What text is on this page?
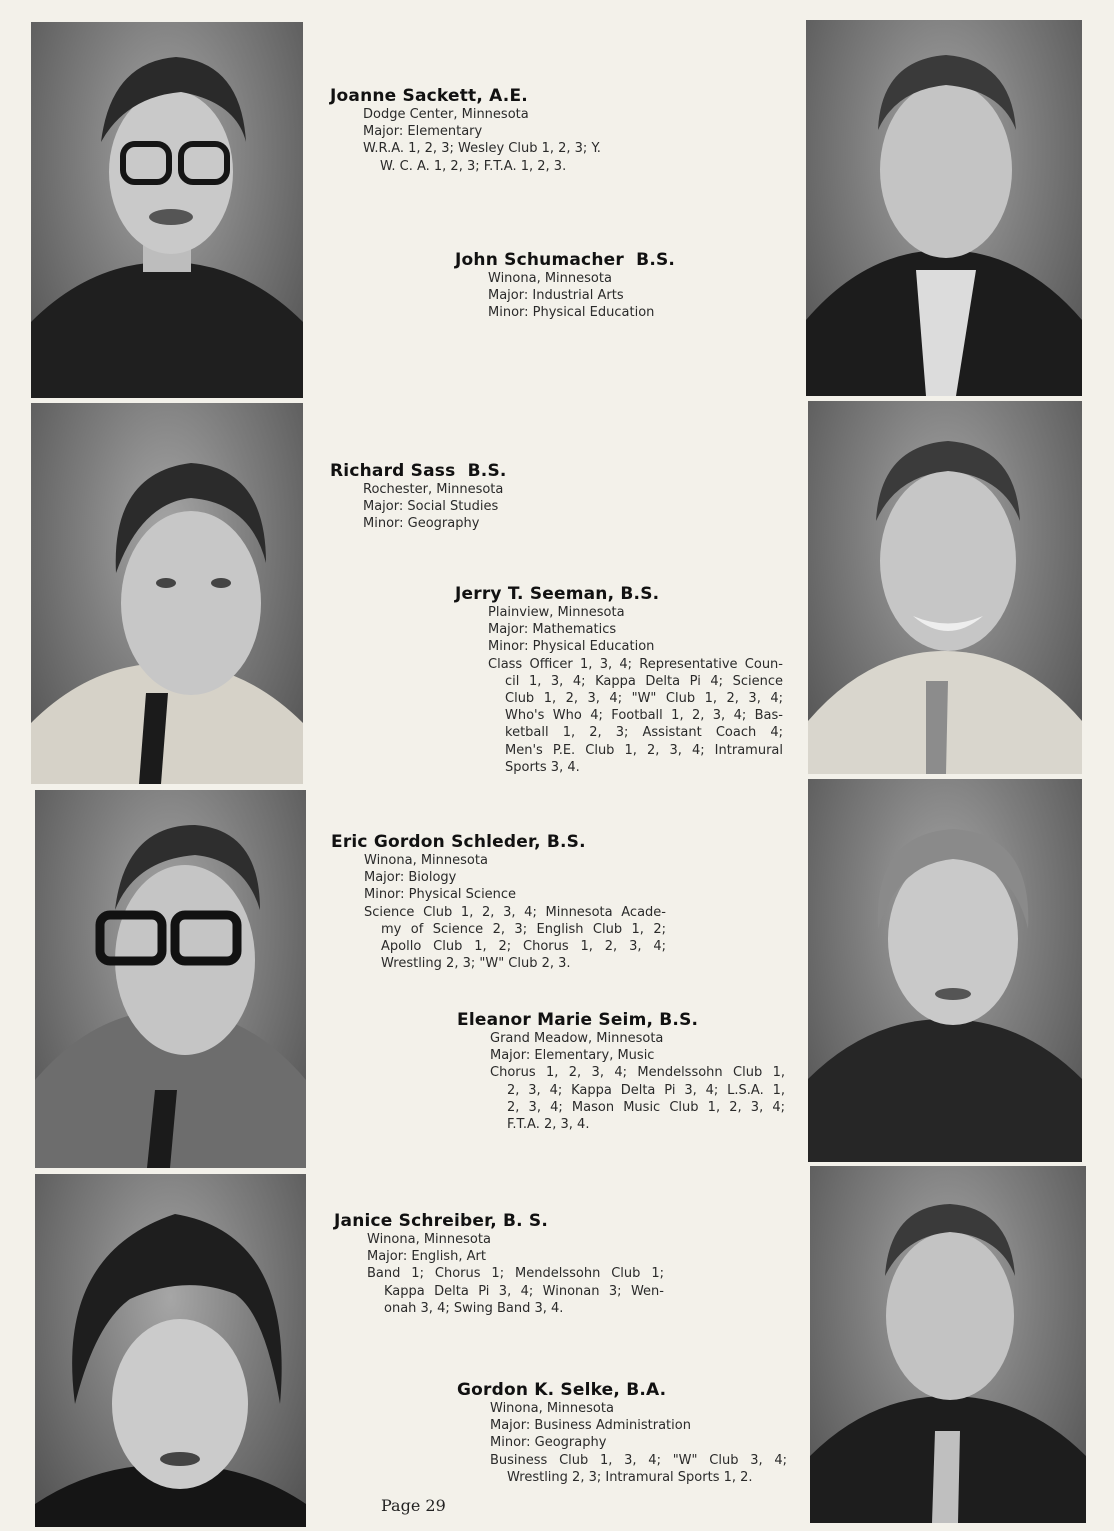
Joanne Sackett, A.E.
Dodge Center, Minnesota
Major: Elementary
W.R.A. 1, 2, 3; Wesley Club 1, 2, 3; Y.
W. C. A. 1, 2, 3; F.T.A. 1, 2, 3.
John Schumacher  B.S.
Winona, Minnesota
Major: Industrial Arts
Minor: Physical Education
Richard Sass  B.S.
Rochester, Minnesota
Major: Social Studies
Minor: Geography
Jerry T. Seeman, B.S.
Plainview, Minnesota
Major: Mathematics
Minor: Physical Education
Class Officer 1, 3, 4; Representative Coun-
cil 1, 3, 4; Kappa Delta Pi 4; Science
Club 1, 2, 3, 4; "W" Club 1, 2, 3, 4;
Who's Who 4; Football 1, 2, 3, 4; Bas-
ketball 1, 2, 3; Assistant Coach 4;
Men's P.E. Club 1, 2, 3, 4; Intramural
Sports 3, 4.
Eric Gordon Schleder, B.S.
Winona, Minnesota
Major: Biology
Minor: Physical Science
Science Club 1, 2, 3, 4; Minnesota Acade-
my of Science 2, 3; English Club 1, 2;
Apollo Club 1, 2; Chorus 1, 2, 3, 4;
Wrestling 2, 3; "W" Club 2, 3.
Eleanor Marie Seim, B.S.
Grand Meadow, Minnesota
Major: Elementary, Music
Chorus 1, 2, 3, 4; Mendelssohn Club 1,
2, 3, 4; Kappa Delta Pi 3, 4; L.S.A. 1,
2, 3, 4; Mason Music Club 1, 2, 3, 4;
F.T.A. 2, 3, 4.
Janice Schreiber, B. S.
Winona, Minnesota
Major: English, Art
Band 1; Chorus 1; Mendelssohn Club 1;
Kappa Delta Pi 3, 4; Winonan 3; Wen-
onah 3, 4; Swing Band 3, 4.
Gordon K. Selke, B.A.
Winona, Minnesota
Major: Business Administration
Minor: Geography
Business Club 1, 3, 4; "W" Club 3, 4;
Wrestling 2, 3; Intramural Sports 1, 2.
Page 29
